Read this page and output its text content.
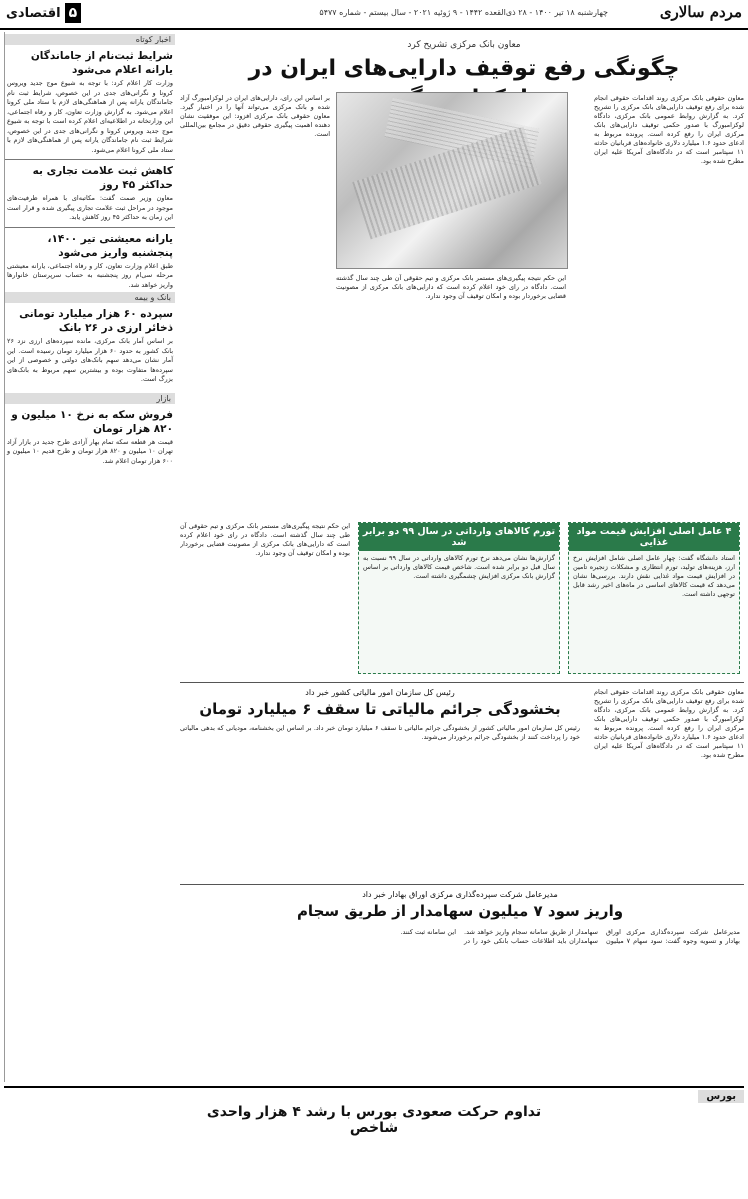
مردم سالاری
چهارشنبه ۱۸ تیر ۱۴۰۰ - ۲۸ ذی‌القعده ۱۴۴۲ - ۹ ژوئیه ۲۰۲۱ - سال بیستم - شماره ۵۴۷۷
۵
اقتصادی
اخبار کوتاه
شرایط ثبت‌نام از جاماندگان یارانه اعلام می‌شود
وزارت کار اعلام کرد: با توجه به شیوع موج جدید ویروس کرونا و نگرانی‌های جدی در این خصوص، شرایط ثبت نام جاماندگان یارانه پس از هماهنگی‌های لازم با ستاد ملی کرونا اعلام می‌شود. به گزارش وزارت تعاون، کار و رفاه اجتماعی، این وزارتخانه در اطلاعیه‌ای اعلام کرده است با توجه به شیوع موج جدید ویروس کرونا و نگرانی‌های جدی در این خصوص، شرایط ثبت نام جاماندگان یارانه پس از هماهنگی‌های لازم با ستاد ملی کرونا اعلام می‌شود.
کاهش ثبت علامت تجاری به حداکثر ۴۵ روز
معاون وزیر صمت گفت: مکاتبه‌ای با همراه ظرفیت‌های موجود در مراحل ثبت علامت تجاری پیگیری شده و قرار است این زمان به حداکثر ۴۵ روز کاهش یابد.
یارانه معیشتی تیر ۱۴۰۰، پنجشنبه واریز می‌شود
طبق اعلام وزارت تعاون، کار و رفاه اجتماعی، یارانه معیشتی مرحله سی‌ام روز پنجشنبه به حساب سرپرستان خانوارها واریز خواهد شد.
بانک و بیمه
سپرده ۶۰ هزار میلیارد تومانی ذخائر ارزی در ۲۶ بانک
بر اساس آمار بانک مرکزی، مانده سپرده‌های ارزی نزد ۲۶ بانک کشور به حدود ۶۰ هزار میلیارد تومان رسیده است. این آمار نشان می‌دهد سهم بانک‌های دولتی و خصوصی از این سپرده‌ها متفاوت بوده و بیشترین سهم مربوط به بانک‌های بزرگ است.
بازار
فروش سکه به نرخ ۱۰ میلیون و ۸۲۰ هزار تومان
قیمت هر قطعه سکه تمام بهار آزادی طرح جدید در بازار آزاد تهران ۱۰ میلیون و ۸۲۰ هزار تومان و طرح قدیم ۱۰ میلیون و ۶۰۰ هزار تومان اعلام شد.
معاون بانک مرکزی تشریح کرد
چگونگی رفع توقیف دارایی‌های ایران در
معاون حقوقی بانک مرکزی روند اقدامات حقوقی انجام شده برای رفع توقیف دارایی‌های بانک مرکزی را تشریح کرد. به گزارش روابط عمومی بانک مرکزی، دادگاه لوکزامبورگ با صدور حکمی توقیف دارایی‌های بانک مرکزی ایران را رفع کرده است. پرونده مربوط به ادعای حدود ۱.۶ میلیارد دلاری خانواده‌های قربانیان حادثه ۱۱ سپتامبر است که در دادگاه‌های آمریکا علیه ایران مطرح شده بود.
بر اساس این رای، دارایی‌های ایران در لوکزامبورگ آزاد شده و بانک مرکزی می‌تواند آنها را در اختیار گیرد. معاون حقوقی بانک مرکزی افزود: این موفقیت نشان دهنده اهمیت پیگیری حقوقی دقیق در مجامع بین‌المللی است.
این حکم نتیجه پیگیری‌های مستمر بانک مرکزی و تیم حقوقی آن طی چند سال گذشته است. دادگاه در رای خود اعلام کرده است که دارایی‌های بانک مرکزی از مصونیت قضایی برخوردار بوده و امکان توقیف آن وجود ندارد.
۴ عامل اصلی افزایش قیمت مواد غذایی
استاد دانشگاه گفت: چهار عامل اصلی شامل افزایش نرخ ارز، هزینه‌های تولید، تورم انتظاری و مشکلات زنجیره تامین در افزایش قیمت مواد غذایی نقش دارند. بررسی‌ها نشان می‌دهد که قیمت کالاهای اساسی در ماه‌های اخیر رشد قابل توجهی داشته است.
تورم کالاهای وارداتی در سال ۹۹ دو برابر شد
گزارش‌ها نشان می‌دهد نرخ تورم کالاهای وارداتی در سال ۹۹ نسبت به سال قبل دو برابر شده است. شاخص قیمت کالاهای وارداتی بر اساس گزارش بانک مرکزی افزایش چشمگیری داشته است.
این حکم نتیجه پیگیری‌های مستمر بانک مرکزی و تیم حقوقی آن طی چند سال گذشته است. دادگاه در رای خود اعلام کرده است که دارایی‌های بانک مرکزی از مصونیت قضایی برخوردار بوده و امکان توقیف آن وجود ندارد.
رئیس کل سازمان امور مالیاتی کشور خبر داد
بخشودگی جرائم مالیاتی تا سقف ۶ میلیارد تومان
رئیس کل سازمان امور مالیاتی کشور از بخشودگی جرائم مالیاتی تا سقف ۶ میلیارد تومان خبر داد. بر اساس این بخشنامه، مودیانی که بدهی مالیاتی خود را پرداخت کنند از بخشودگی جرائم برخوردار می‌شوند.
معاون حقوقی بانک مرکزی روند اقدامات حقوقی انجام شده برای رفع توقیف دارایی‌های بانک مرکزی را تشریح کرد. به گزارش روابط عمومی بانک مرکزی، دادگاه لوکزامبورگ با صدور حکمی توقیف دارایی‌های بانک مرکزی ایران را رفع کرده است. پرونده مربوط به ادعای حدود ۱.۶ میلیارد دلاری خانواده‌های قربانیان حادثه ۱۱ سپتامبر است که در دادگاه‌های آمریکا علیه ایران مطرح شده بود.
مدیرعامل شرکت سپرده‌گذاری مرکزی اوراق بهادار خبر داد
واریز سود ۷ میلیون سهامدار از طریق سجام
مدیرعامل شرکت سپرده‌گذاری مرکزی اوراق بهادار و تسویه وجوه گفت: سود سهام ۷ میلیون سهامدار از طریق سامانه سجام واریز خواهد شد. سهامداران باید اطلاعات حساب بانکی خود را در این سامانه ثبت کنند.
بورس
تداوم حرکت صعودی بورس با رشد ۴ هزار واحدی شاخص
